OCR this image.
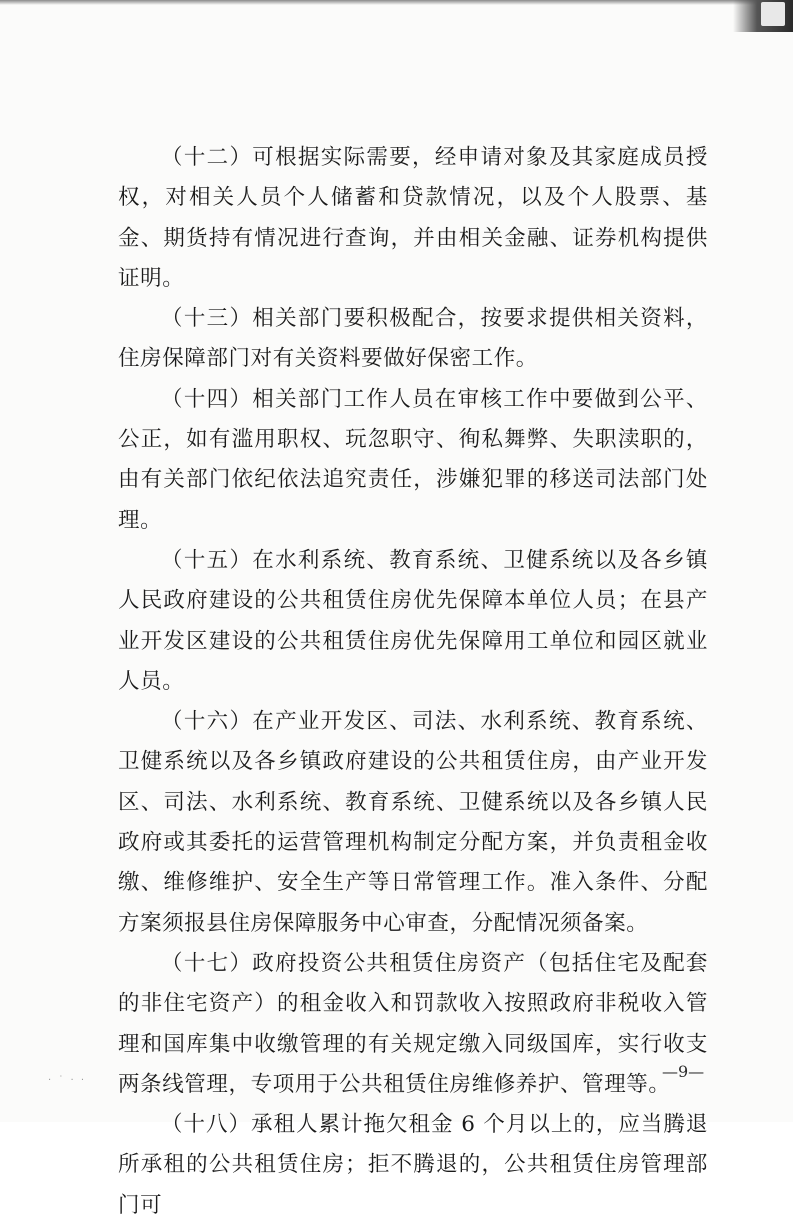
（十二）可根据实际需要，经申请对象及其家庭成员授权，对相关人员个人储蓄和贷款情况，以及个人股票、基金、期货持有情况进行查询，并由相关金融、证券机构提供证明。

（十三）相关部门要积极配合，按要求提供相关资料，住房保障部门对有关资料要做好保密工作。

（十四）相关部门工作人员在审核工作中要做到公平、公正，如有滥用职权、玩忽职守、徇私舞弊、失职渎职的，由有关部门依纪依法追究责任，涉嫌犯罪的移送司法部门处理。

（十五）在水利系统、教育系统、卫健系统以及各乡镇人民政府建设的公共租赁住房优先保障本单位人员；在县产业开发区建设的公共租赁住房优先保障用工单位和园区就业人员。

（十六）在产业开发区、司法、水利系统、教育系统、卫健系统以及各乡镇政府建设的公共租赁住房，由产业开发区、司法、水利系统、教育系统、卫健系统以及各乡镇人民政府或其委托的运营管理机构制定分配方案，并负责租金收缴、维修维护、安全生产等日常管理工作。准入条件、分配方案须报县住房保障服务中心审查，分配情况须备案。

（十七）政府投资公共租赁住房资产（包括住宅及配套的非住宅资产）的租金收入和罚款收入按照政府非税收入管理和国库集中收缴管理的有关规定缴入同级国库，实行收支两条线管理，专项用于公共租赁住房维修养护、管理等。

（十八）承租人累计拖欠租金 6 个月以上的，应当腾退所承租的公共租赁住房；拒不腾退的，公共租赁住房管理部门可

· ˙ · ·	—9—
